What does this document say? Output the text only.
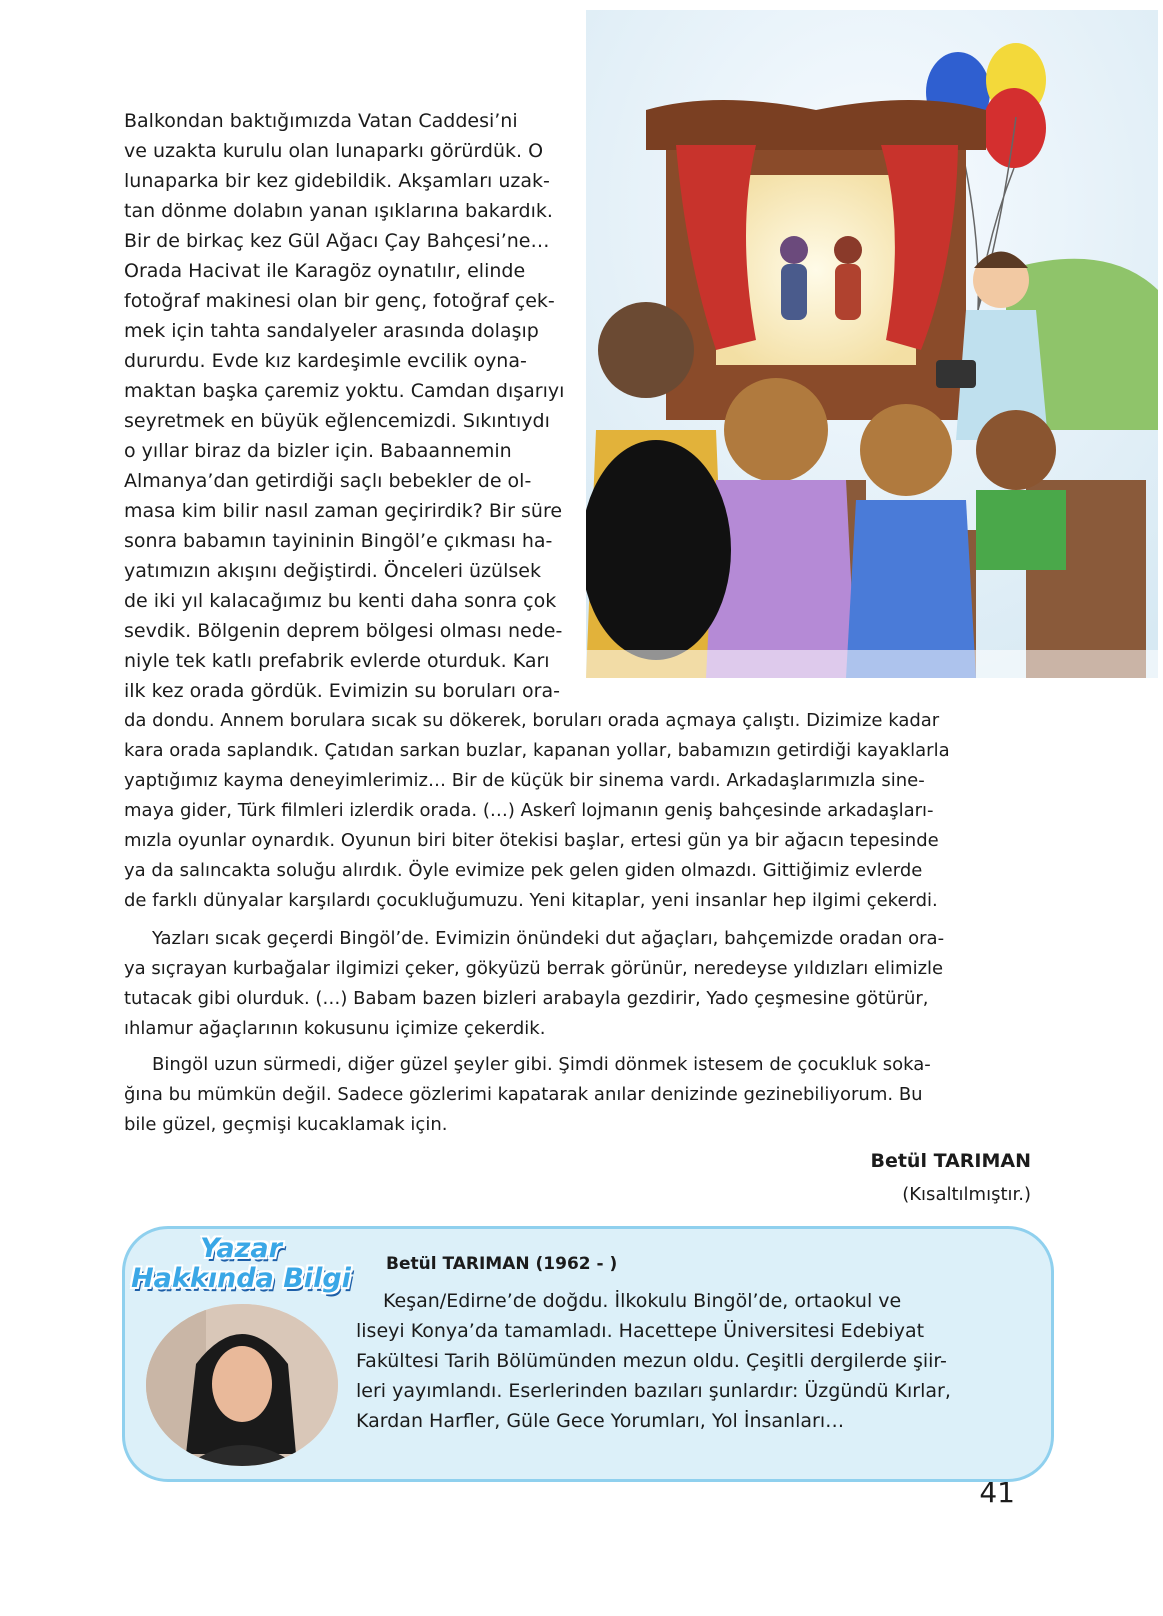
Balkondan baktığımızda Vatan Caddesi’ni

ve uzakta kurulu olan lunaparkı görürdük. O

lunaparka bir kez gidebildik. Akşamları uzak-

tan dönme dolabın yanan ışıklarına bakardık.

Bir de birkaç kez Gül Ağacı Çay Bahçesi’ne…

Orada Hacivat ile Karagöz oynatılır, elinde

fotoğraf makinesi olan bir genç, fotoğraf çek-

mek için tahta sandalyeler arasında dolaşıp

dururdu. Evde kız kardeşimle evcilik oyna-

maktan başka çaremiz yoktu. Camdan dışarıyı

seyretmek en büyük eğlencemizdi. Sıkıntıydı

o yıllar biraz da bizler için. Babaannemin

Almanya’dan getirdiği saçlı bebekler de ol-

masa kim bilir nasıl zaman geçirirdik? Bir süre

sonra babamın tayininin Bingöl’e çıkması ha-

yatımızın akışını değiştirdi. Önceleri üzülsek

de iki yıl kalacağımız bu kenti daha sonra çok

sevdik. Bölgenin deprem bölgesi olması nede-

niyle tek katlı prefabrik evlerde oturduk. Karı

ilk kez orada gördük. Evimizin su boruları ora-

da dondu. Annem borulara sıcak su dökerek, boruları orada açmaya çalıştı. Dizimize kadar

kara orada saplandık. Çatıdan sarkan buzlar, kapanan yollar, babamızın getirdiği kayaklarla

yaptığımız kayma deneyimlerimiz… Bir de küçük bir sinema vardı. Arkadaşlarımızla sine-

maya gider, Türk filmleri izlerdik orada. (…) Askerî lojmanın geniş bahçesinde arkadaşları-

mızla oyunlar oynardık. Oyunun biri biter ötekisi başlar, ertesi gün ya bir ağacın tepesinde

ya da salıncakta soluğu alırdık. Öyle evimize pek gelen giden olmazdı. Gittiğimiz evlerde

de farklı dünyalar karşılardı çocukluğumuzu. Yeni kitaplar, yeni insanlar hep ilgimi çekerdi.

Yazları sıcak geçerdi Bingöl’de. Evimizin önündeki dut ağaçları, bahçemizde oradan ora-

ya sıçrayan kurbağalar ilgimizi çeker, gökyüzü berrak görünür, neredeyse yıldızları elimizle

tutacak gibi olurduk. (…) Babam bazen bizleri arabayla gezdirir, Yado çeşmesine götürür,

ıhlamur ağaçlarının kokusunu içimize çekerdik.

Bingöl uzun sürmedi, diğer güzel şeyler gibi. Şimdi dönmek istesem de çocukluk soka-

ğına bu mümkün değil. Sadece gözlerimi kapatarak anılar denizinde gezinebiliyorum. Bu

bile güzel, geçmişi kucaklamak için.

Betül TARIMAN
(Kısaltılmıştır.)
Yazar
Hakkında Bilgi Betül TARIMAN (1962 - )

Keşan/Edirne’de doğdu. İlkokulu Bingöl’de, ortaokul ve

liseyi Konya’da tamamladı. Hacettepe Üniversitesi Edebiyat

Fakültesi Tarih Bölümünden mezun oldu. Çeşitli dergilerde şiir-

leri yayımlandı. Eserlerinden bazıları şunlardır: Üzgündü Kırlar,

Kardan Harfler, Güle Gece Yorumları, Yol İnsanları…

41
